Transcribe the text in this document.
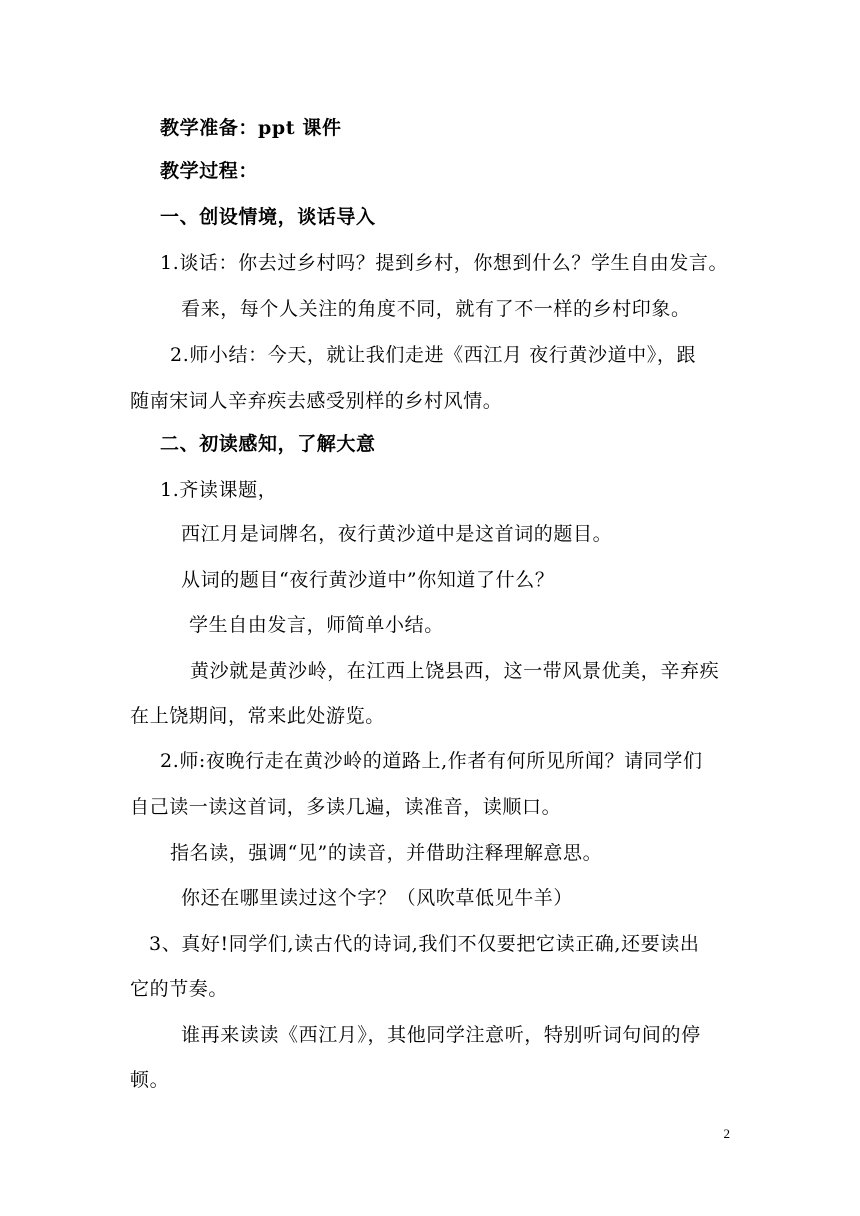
教学准备：ppt 课件
教学过程：
一、创设情境，谈话导入
1.谈话：你去过乡村吗？提到乡村，你想到什么？学生自由发言。
看来，每个人关注的角度不同，就有了不一样的乡村印象。
2.师小结：今天，就让我们走进《西江月 夜行黄沙道中》，跟
随南宋词人辛弃疾去感受别样的乡村风情。
二、初读感知，了解大意
1.齐读课题，
西江月是词牌名，夜行黄沙道中是这首词的题目。
从词的题目“夜行黄沙道中”你知道了什么？
学生自由发言，师简单小结。
黄沙就是黄沙岭，在江西上饶县西，这一带风景优美，辛弃疾
在上饶期间，常来此处游览。
2.师:夜晚行走在黄沙岭的道路上,作者有何所见所闻？请同学们
自己读一读这首词，多读几遍，读准音，读顺口。
指名读，强调“见”的读音，并借助注释理解意思。
你还在哪里读过这个字？（风吹草低见牛羊）
3、真好!同学们,读古代的诗词,我们不仅要把它读正确,还要读出
它的节奏。
谁再来读读《西江月》，其他同学注意听，特别听词句间的停
顿。
2
